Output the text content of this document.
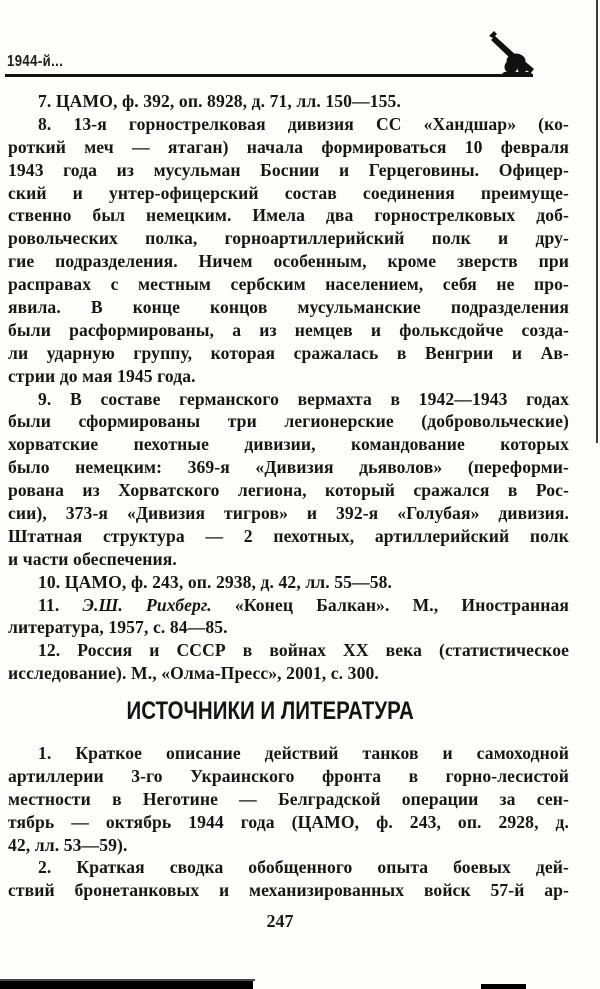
1944-й...
7. ЦАМО, ф. 392, оп. 8928, д. 71, лл. 150—155.
8. 13-я горнострелковая дивизия СС «Хандшар» (ко-
роткий меч — ятаган) начала формироваться 10 февраля
1943 года из мусульман Боснии и Герцеговины. Офицер-
ский и унтер-офицерский состав соединения преимуще-
ственно был немецким. Имела два горнострелковых доб-
ровольческих полка, горноартиллерийский полк и дру-
гие подразделения. Ничем особенным, кроме зверств при
расправах с местным сербским населением, себя не про-
явила. В конце концов мусульманские подразделения
были расформированы, а из немцев и фольксдойче созда-
ли ударную группу, которая сражалась в Венгрии и Ав-
стрии до мая 1945 года.
9. В составе германского вермахта в 1942—1943 годах
были сформированы три легионерские (добровольческие)
хорватские пехотные дивизии, командование которых
было немецким: 369-я «Дивизия дьяволов» (переформи-
рована из Хорватского легиона, который сражался в Рос-
сии), 373-я «Дивизия тигров» и 392-я «Голубая» дивизия.
Штатная структура — 2 пехотных, артиллерийский полк
и части обеспечения.
10. ЦАМО, ф. 243, оп. 2938, д. 42, лл. 55—58.
11. Э.Ш. Рихберг. «Конец Балкан». М., Иностранная
литература, 1957, с. 84—85.
12. Россия и СССР в войнах XX века (статистическое
исследование). М., «Олма-Пресс», 2001, с. 300.
ИСТОЧНИКИ И ЛИТЕРАТУРА
1. Краткое описание действий танков и самоходной
артиллерии 3-го Украинского фронта в горно-лесистой
местности в Неготине — Белградской операции за сен-
тябрь — октябрь 1944 года (ЦАМО, ф. 243, оп. 2928, д.
42, лл. 53—59).
2. Краткая сводка обобщенного опыта боевых дей-
ствий бронетанковых и механизированных войск 57-й ар-
247
